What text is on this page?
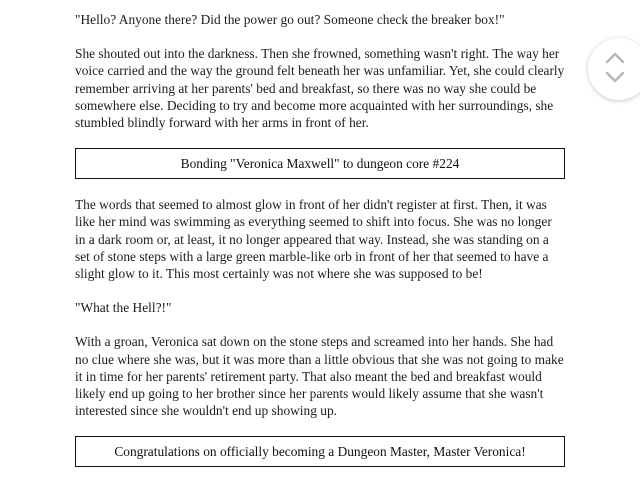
"Hello? Anyone there? Did the power go out? Someone check the breaker box!"

She shouted out into the darkness. Then she frowned, something wasn't right. The way her voice carried and the way the ground felt beneath her was unfamiliar. Yet, she could clearly remember arriving at her parents' bed and breakfast, so there was no way she could be somewhere else. Deciding to try and become more acquainted with her surroundings, she stumbled blindly forward with her arms in front of her.

Bonding "Veronica Maxwell" to dungeon core #224

The words that seemed to almost glow in front of her didn't register at first. Then, it was like her mind was swimming as everything seemed to shift into focus. She was no longer in a dark room or, at least, it no longer appeared that way. Instead, she was standing on a set of stone steps with a large green marble-like orb in front of her that seemed to have a slight glow to it. This most certainly was not where she was supposed to be!

"What the Hell?!"

With a groan, Veronica sat down on the stone steps and screamed into her hands. She had no clue where she was, but it was more than a little obvious that she was not going to make it in time for her parents' retirement party. That also meant the bed and breakfast would likely end up going to her brother since her parents would likely assume that she wasn't interested since she wouldn't end up showing up.

Congratulations on officially becoming a Dungeon Master, Master Veronica!
